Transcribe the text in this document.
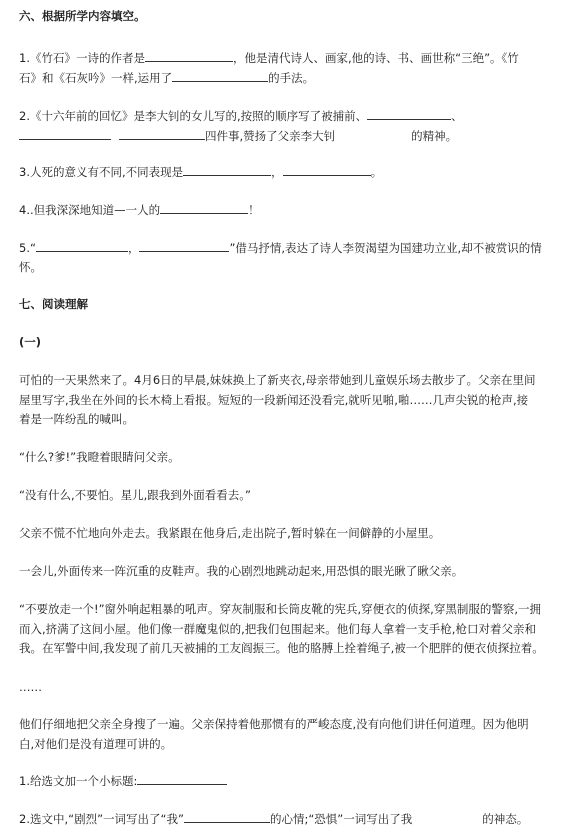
六、根据所学内容填空。
1.《竹石》一诗的作者是	，他是清代诗人、画家,他的诗、书、画世称“三绝”。《竹
石》和《石灰吟》一样,运用了	的手法。
2.《十六年前的回忆》是李大钊的女儿写的,按照的顺序写了被捕前、	、
四件事,赞扬了父亲李大钊	的精神。
3.人死的意义有不同,不同表现是	，	。
4..但我深深地知道—一人的	！
5.“	，	”借马抒情,表达了诗人李贺渴望为国建功立业,却不被赏识的情
怀。
七、阅读理解
(一)
可怕的一天果然来了。4月6日的早晨,妹妹换上了新夹衣,母亲带她到儿童娱乐场去散步了。父亲在里间
屋里写字,我坐在外间的长木椅上看报。短短的一段新闻还没看完,就听见啪,啪……几声尖锐的枪声,接
着是一阵纷乱的喊叫。
“什么?爹!”我瞪着眼睛问父亲。
“没有什么,不要怕。星儿,跟我到外面看看去。”
父亲不慌不忙地向外走去。我紧跟在他身后,走出院子,暂时躲在一间僻静的小屋里。
一会儿,外面传来一阵沉重的皮鞋声。我的心剧烈地跳动起来,用恐惧的眼光瞅了瞅父亲。
“不要放走一个!”窗外响起粗暴的吼声。穿灰制服和长筒皮靴的宪兵,穿便衣的侦探,穿黑制服的警察,一拥
而入,挤满了这间小屋。他们像一群魔鬼似的,把我们包围起来。他们每人拿着一支手枪,枪口对着父亲和
我。在军警中间,我发现了前几天被捕的工友阎振三。他的胳膊上拴着绳子,被一个肥胖的便衣侦探拉着。
……
他们仔细地把父亲全身搜了一遍。父亲保持着他那惯有的严峻态度,没有向他们讲任何道理。因为他明
白,对他们是没有道理可讲的。
1.给选文加一个小标题:
2.选文中,“剧烈”一词写出了“我”	的心情;“恐惧”一词写出了我	的神态。
